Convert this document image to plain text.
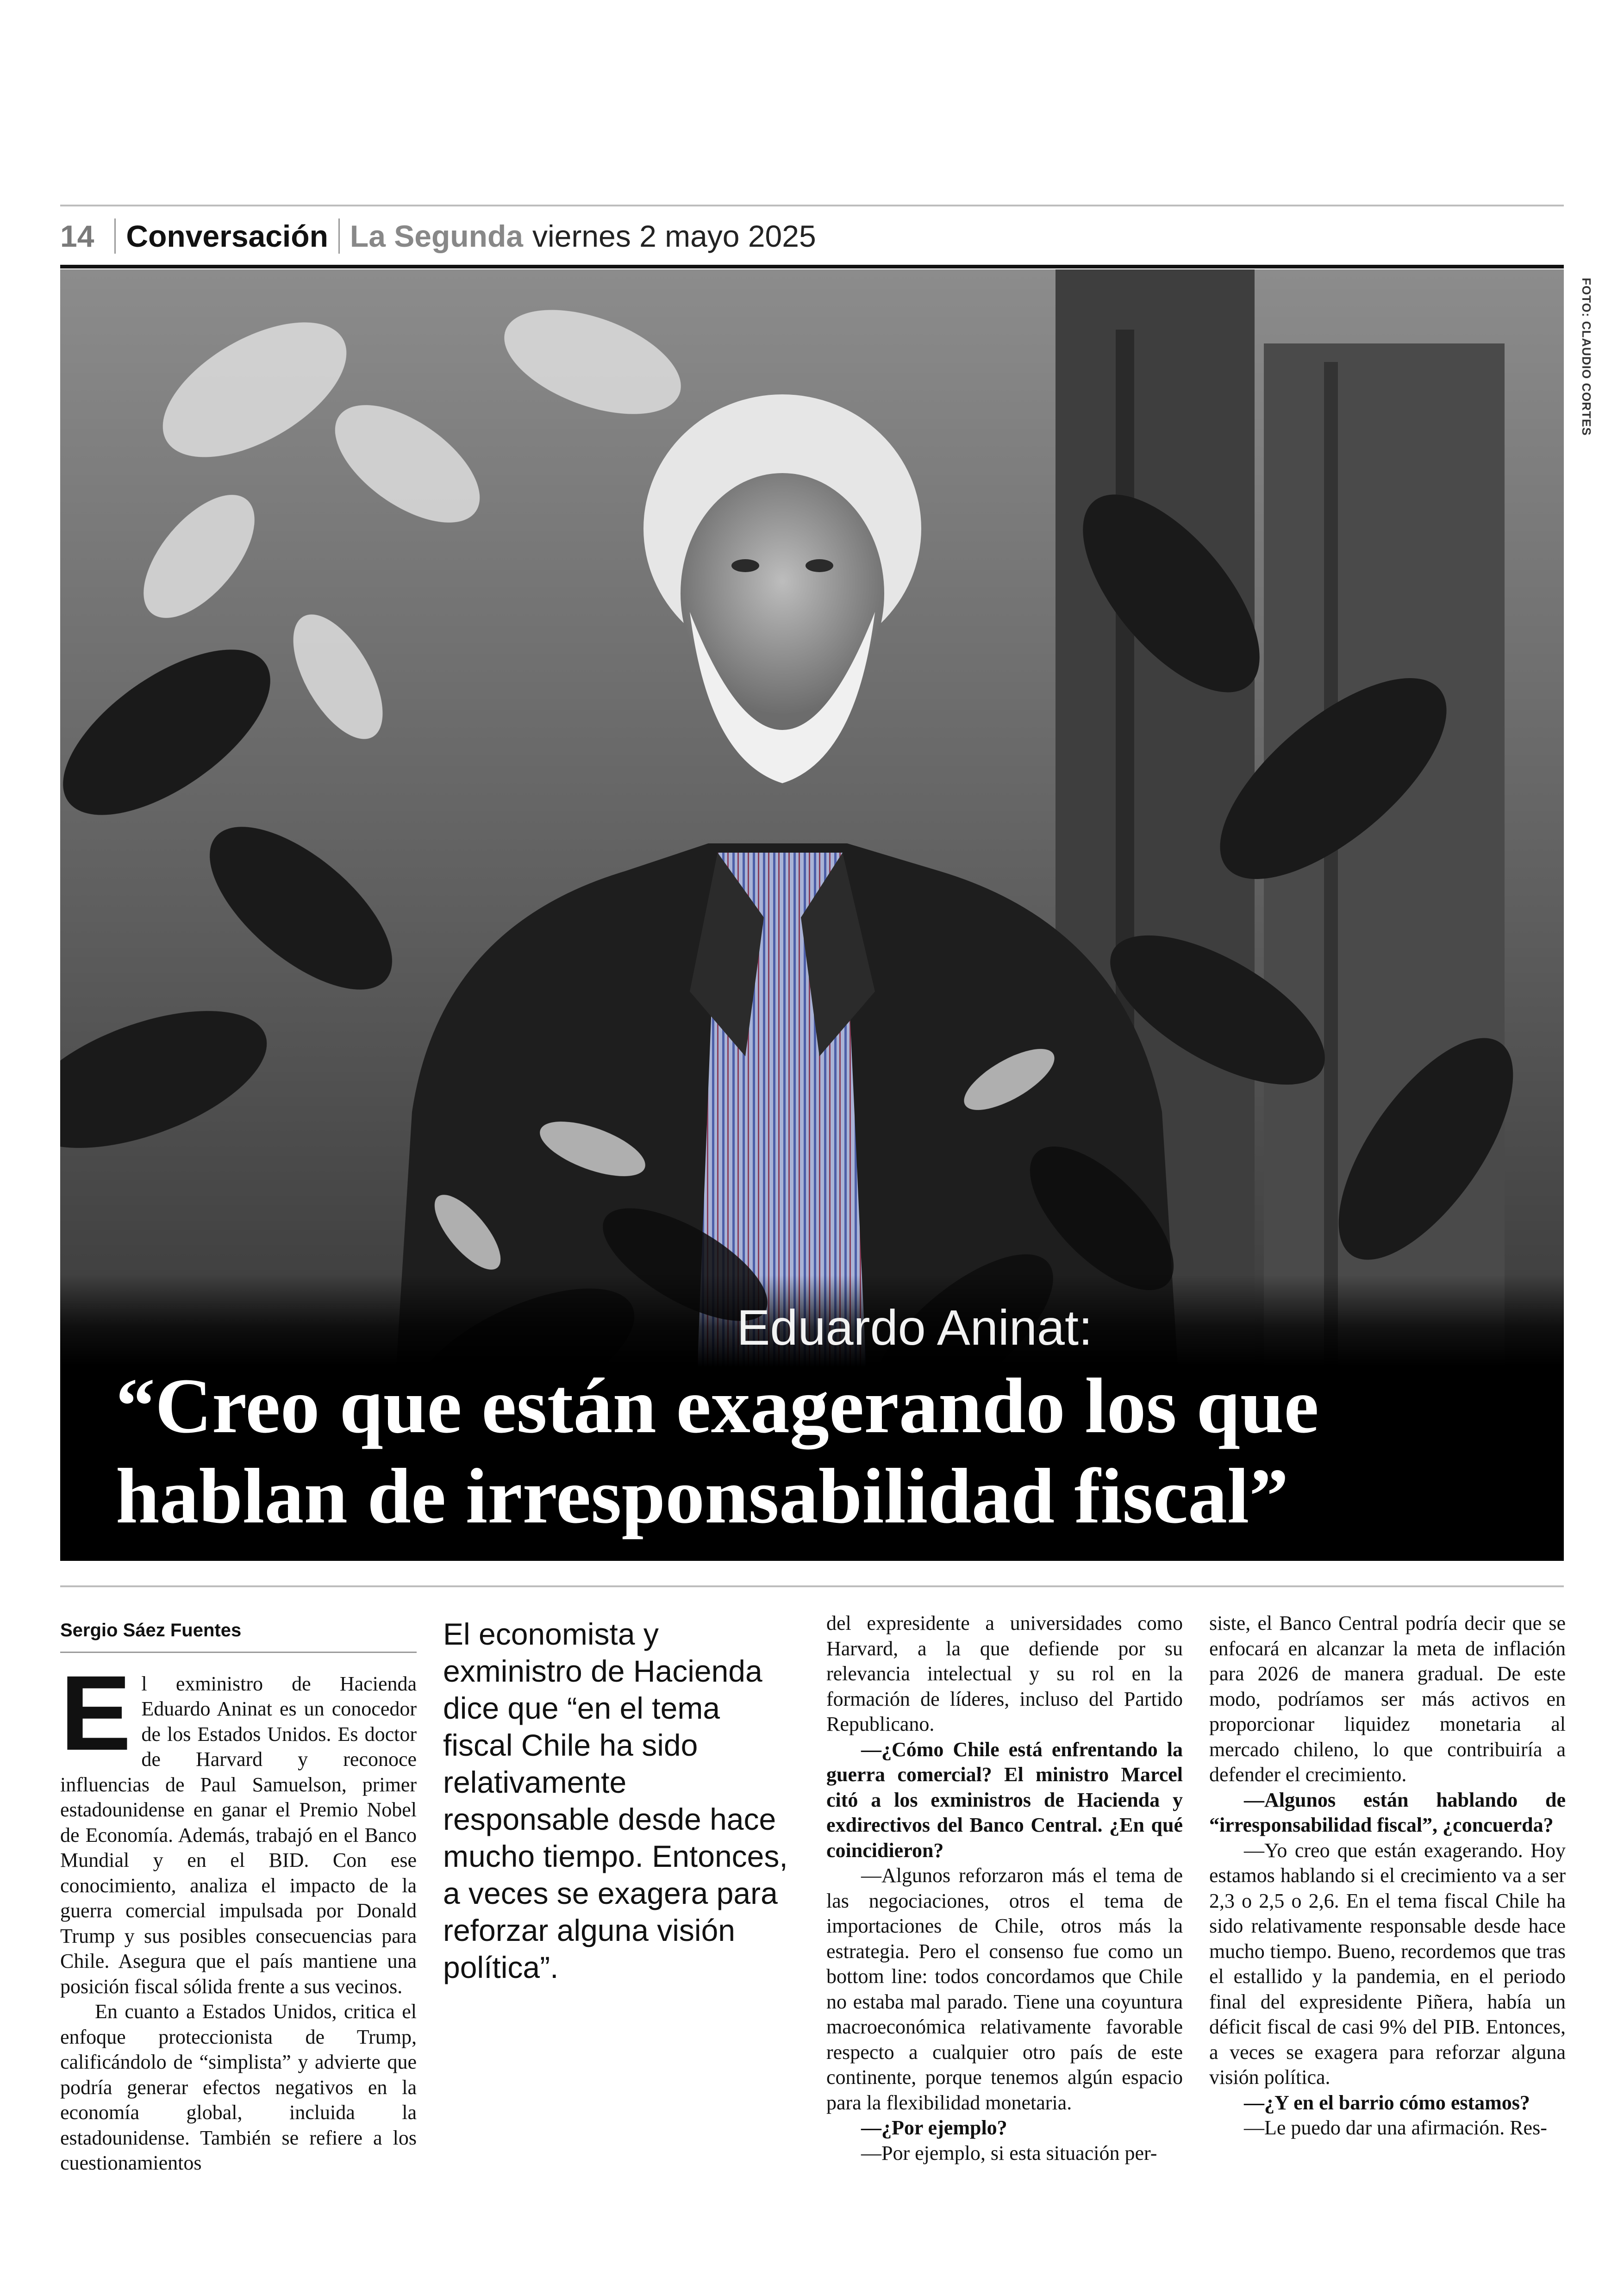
14 Conversación La Segunda viernes 2 mayo 2025
FOTO: CLAUDIO CORTES
Eduardo Aninat:
“Creo que están exagerando los que hablan de irresponsabilidad fiscal”
Sergio Sáez Fuentes

El exministro de Hacienda Eduardo Aninat es un conocedor de los Estados Unidos. Es doctor de Harvard y reconoce influencias de Paul Samuelson, primer estadounidense en ganar el Premio Nobel de Economía. Además, trabajó en el Banco Mundial y en el BID. Con ese conocimiento, analiza el impacto de la guerra comercial impulsada por Donald Trump y sus posibles consecuencias para Chile. Asegura que el país mantiene una posición fiscal sólida frente a sus vecinos.

En cuanto a Estados Unidos, critica el enfoque proteccionista de Trump, calificándolo de “simplista” y advierte que podría generar efectos negativos en la economía global, incluida la estadounidense. También se refiere a los cuestionamientos

El economista y exministro de Hacienda dice que “en el tema fiscal Chile ha sido relativamente responsable desde hace mucho tiempo. Entonces, a veces se exagera para reforzar alguna visión política”.

del expresidente a universidades como Harvard, a la que defiende por su relevancia intelectual y su rol en la formación de líderes, incluso del Partido Republicano.

—¿Cómo Chile está enfrentando la guerra comercial? El ministro Marcel citó a los exministros de Hacienda y exdirectivos del Banco Central. ¿En qué coincidieron?

—Algunos reforzaron más el tema de las negociaciones, otros el tema de importaciones de Chile, otros más la estrategia. Pero el consenso fue como un bottom line: todos concordamos que Chile no estaba mal parado. Tiene una coyuntura macroeconómica relativamente favorable respecto a cualquier otro país de este continente, porque tenemos algún espacio para la flexibilidad monetaria.

—¿Por ejemplo?

—Por ejemplo, si esta situación per-

siste, el Banco Central podría decir que se enfocará en alcanzar la meta de inflación para 2026 de manera gradual. De este modo, podríamos ser más activos en proporcionar liquidez monetaria al mercado chileno, lo que contribuiría a defender el crecimiento.

—Algunos están hablando de “irresponsabilidad fiscal”, ¿concuerda?

—Yo creo que están exagerando. Hoy estamos hablando si el crecimiento va a ser 2,3 o 2,5 o 2,6. En el tema fiscal Chile ha sido relativamente responsable desde hace mucho tiempo. Bueno, recordemos que tras el estallido y la pandemia, en el periodo final del expresidente Piñera, había un déficit fiscal de casi 9% del PIB. Entonces, a veces se exagera para reforzar alguna visión política.

—¿Y en el barrio cómo estamos?

—Le puedo dar una afirmación. Res-
